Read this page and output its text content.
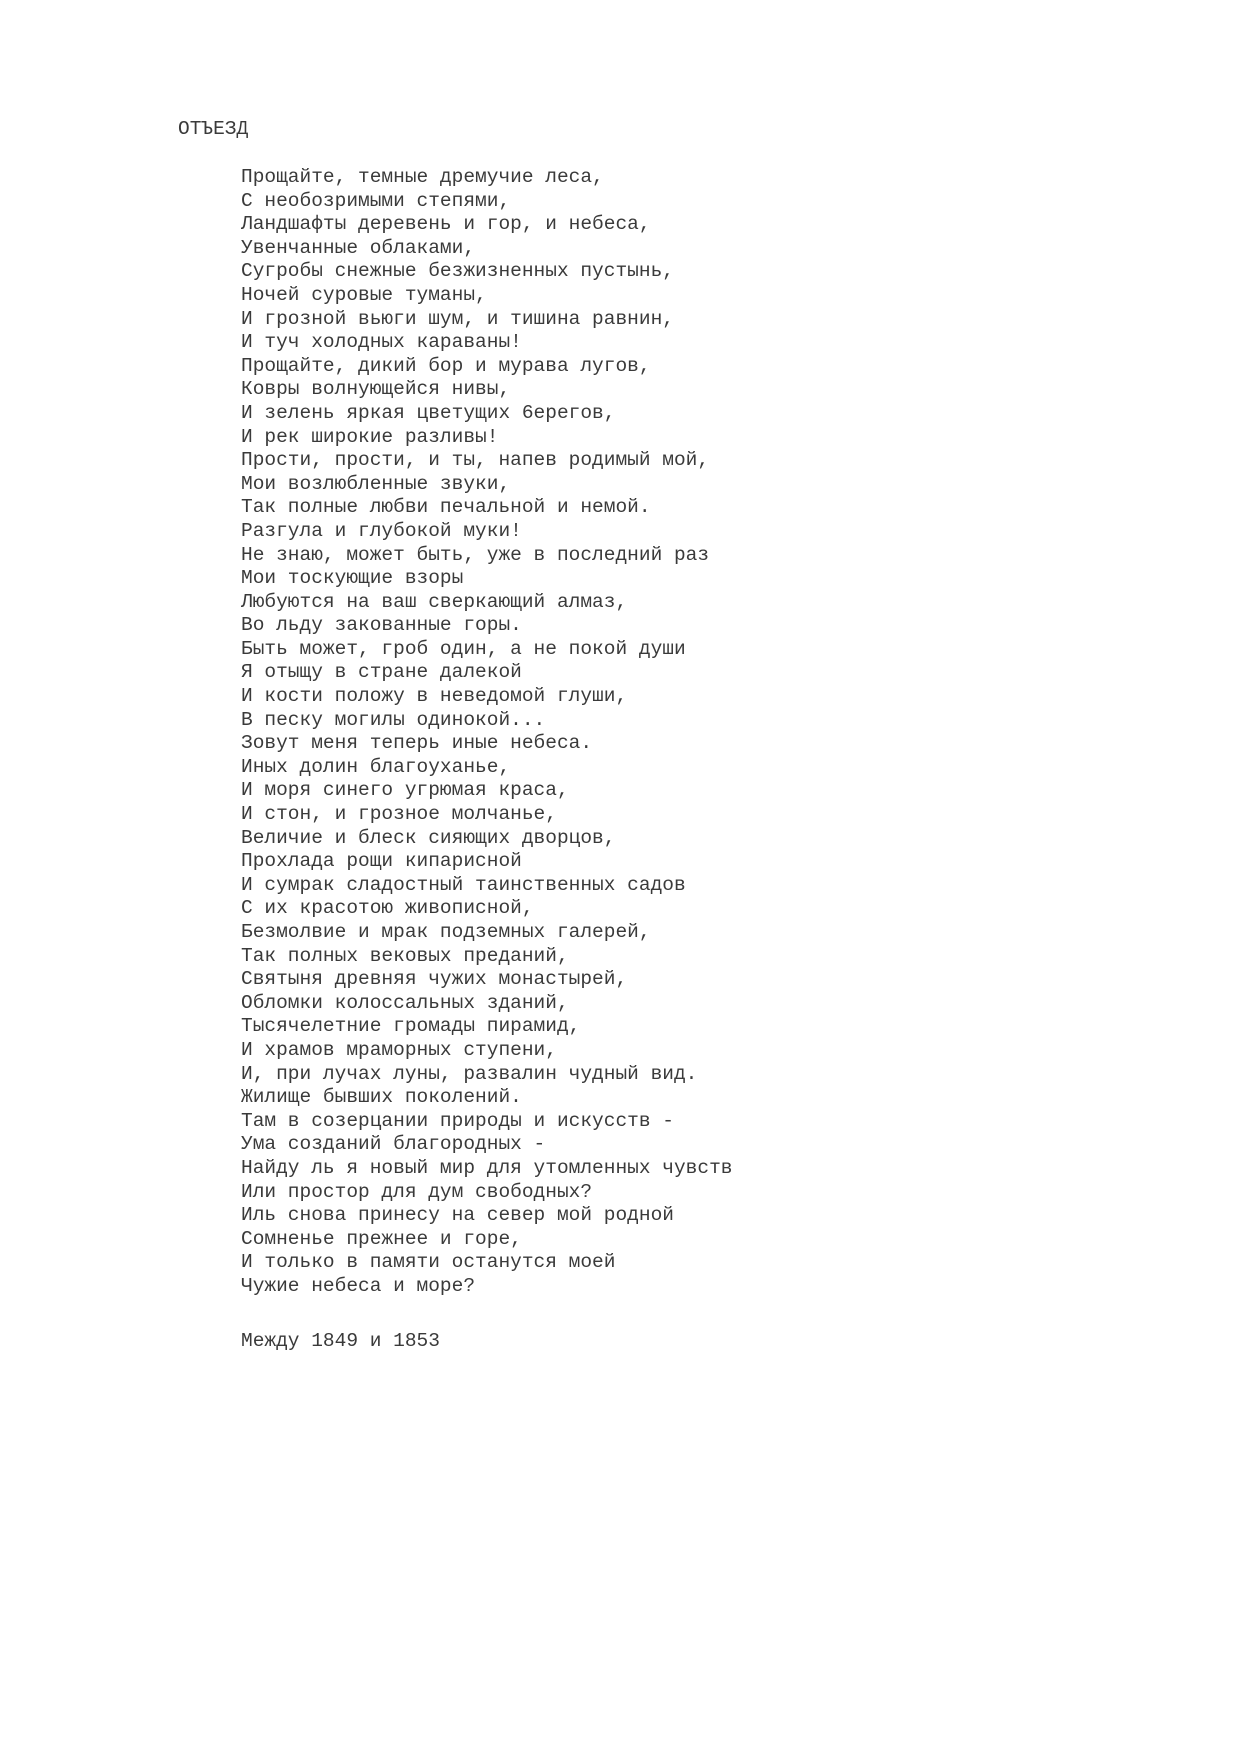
ОТЪЕЗД
Прощайте, темные дремучие леса,
С необозримыми степями,
Ландшафты деревень и гор, и небеса,
Увенчанные облаками,
Сугробы снежные безжизненных пустынь,
Ночей суровые туманы,
И грозной вьюги шум, и тишина равнин,
И туч холодных караваны!
Прощайте, дикий бор и мурава лугов,
Ковры волнующейся нивы,
И зелень яркая цветущих 6ерегов,
И рек широкие разливы!
Прости, прости, и ты, напев родимый мой,
Мои возлюбленные звуки,
Так полные любви печальной и немой.
Разгула и глубокой муки!
Не знаю, может быть, уже в последний раз
Мои тоскующие взоры
Любуются на ваш сверкающий алмаз,
Во льду закованные горы.
Быть может, гроб один, а не покой души
Я отыщу в стране далекой
И кости положу в неведомой глуши,
В песку могилы одинокой...
Зовут меня теперь иные небеса.
Иных долин благоуханье,
И моря синего угрюмая краса,
И стон, и грозное молчанье,
Величие и блеск сияющих дворцов,
Прохлада рощи кипарисной
И сумрак сладостный таинственных садов
С их красотою живописной,
Безмолвие и мрак подземных галерей,
Так полных вековых преданий,
Святыня древняя чужих монастырей,
Обломки колоссальных зданий,
Тысячелетние громады пирамид,
И храмов мраморных ступени,
И, при лучах луны, развалин чудный вид.
Жилище бывших поколений.
Там в созерцании природы и искусств -
Ума созданий благородных -
Найду ль я новый мир для утомленных чувств
Или простор для дум свободных?
Иль снова принесу на север мой родной
Сомненье прежнее и горе,
И только в памяти останутся моей
Чужие небеса и море?

Между 1849 и 1853
